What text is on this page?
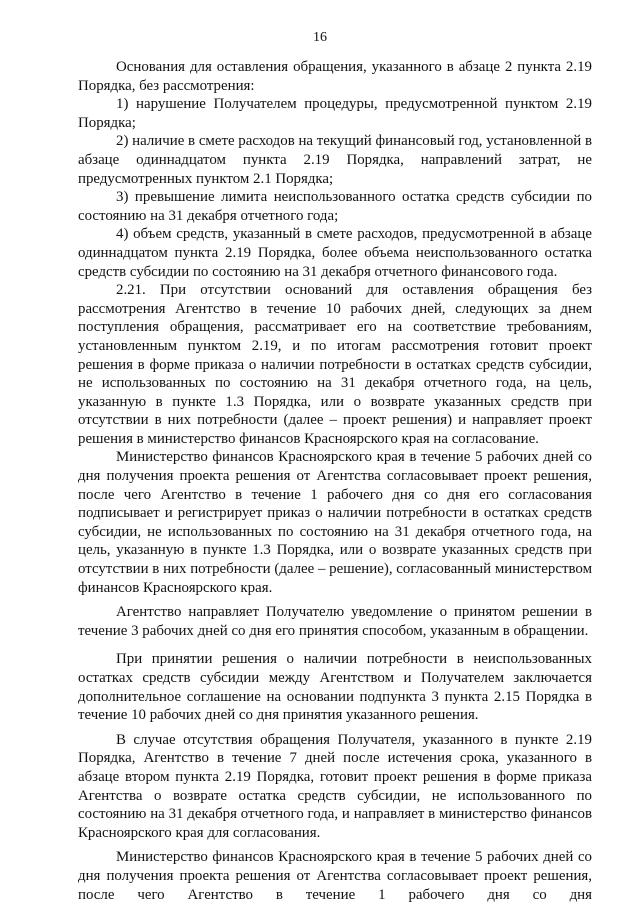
16

Основания для оставления обращения, указанного в абзаце 2 пункта 2.19 Порядка, без рассмотрения:

1) нарушение Получателем процедуры, предусмотренной пунктом 2.19 Порядка;

2) наличие в смете расходов на текущий финансовый год, установленной в абзаце одиннадцатом пункта 2.19 Порядка, направлений затрат, не предусмотренных пунктом 2.1 Порядка;

3) превышение лимита неиспользованного остатка средств субсидии по состоянию на 31 декабря отчетного года;

4) объем средств, указанный в смете расходов, предусмотренной в абзаце одиннадцатом пункта 2.19 Порядка, более объема неиспользованного остатка средств субсидии по состоянию на 31 декабря отчетного финансового года.

2.21. При отсутствии оснований для оставления обращения без рассмотрения Агентство в течение 10 рабочих дней, следующих за днем поступления обращения, рассматривает его на соответствие требованиям, установленным пунктом 2.19, и по итогам рассмотрения готовит проект решения в форме приказа о наличии потребности в остатках средств субсидии, не использованных по состоянию на 31 декабря отчетного года, на цель, указанную в пункте 1.3 Порядка, или о возврате указанных средств при отсутствии в них потребности (далее – проект решения) и направляет проект решения в министерство финансов Красноярского края на согласование.

Министерство финансов Красноярского края в течение 5 рабочих дней со дня получения проекта решения от Агентства согласовывает проект решения, после чего Агентство в течение 1 рабочего дня со дня его согласования подписывает и регистрирует приказ о наличии потребности в остатках средств субсидии, не использованных по состоянию на 31 декабря отчетного года, на цель, указанную в пункте 1.3 Порядка, или о возврате указанных средств при отсутствии в них потребности (далее – решение), согласованный министерством финансов Красноярского края.

Агентство направляет Получателю уведомление о принятом решении в течение 3 рабочих дней со дня его принятия способом, указанным в обращении.

При принятии решения о наличии потребности в неиспользованных остатках средств субсидии между Агентством и Получателем заключается дополнительное соглашение на основании подпункта 3 пункта 2.15 Порядка в течение 10 рабочих дней со дня принятия указанного решения.

В случае отсутствия обращения Получателя, указанного в пункте 2.19 Порядка, Агентство в течение 7 дней после истечения срока, указанного в абзаце втором пункта 2.19 Порядка, готовит проект решения в форме приказа Агентства о возврате остатка средств субсидии, не использованного по состоянию на 31 декабря отчетного года, и направляет в министерство финансов Красноярского края для согласования.

Министерство финансов Красноярского края в течение 5 рабочих дней со дня получения проекта решения от Агентства согласовывает проект решения, после чего Агентство в течение 1 рабочего дня со дня
